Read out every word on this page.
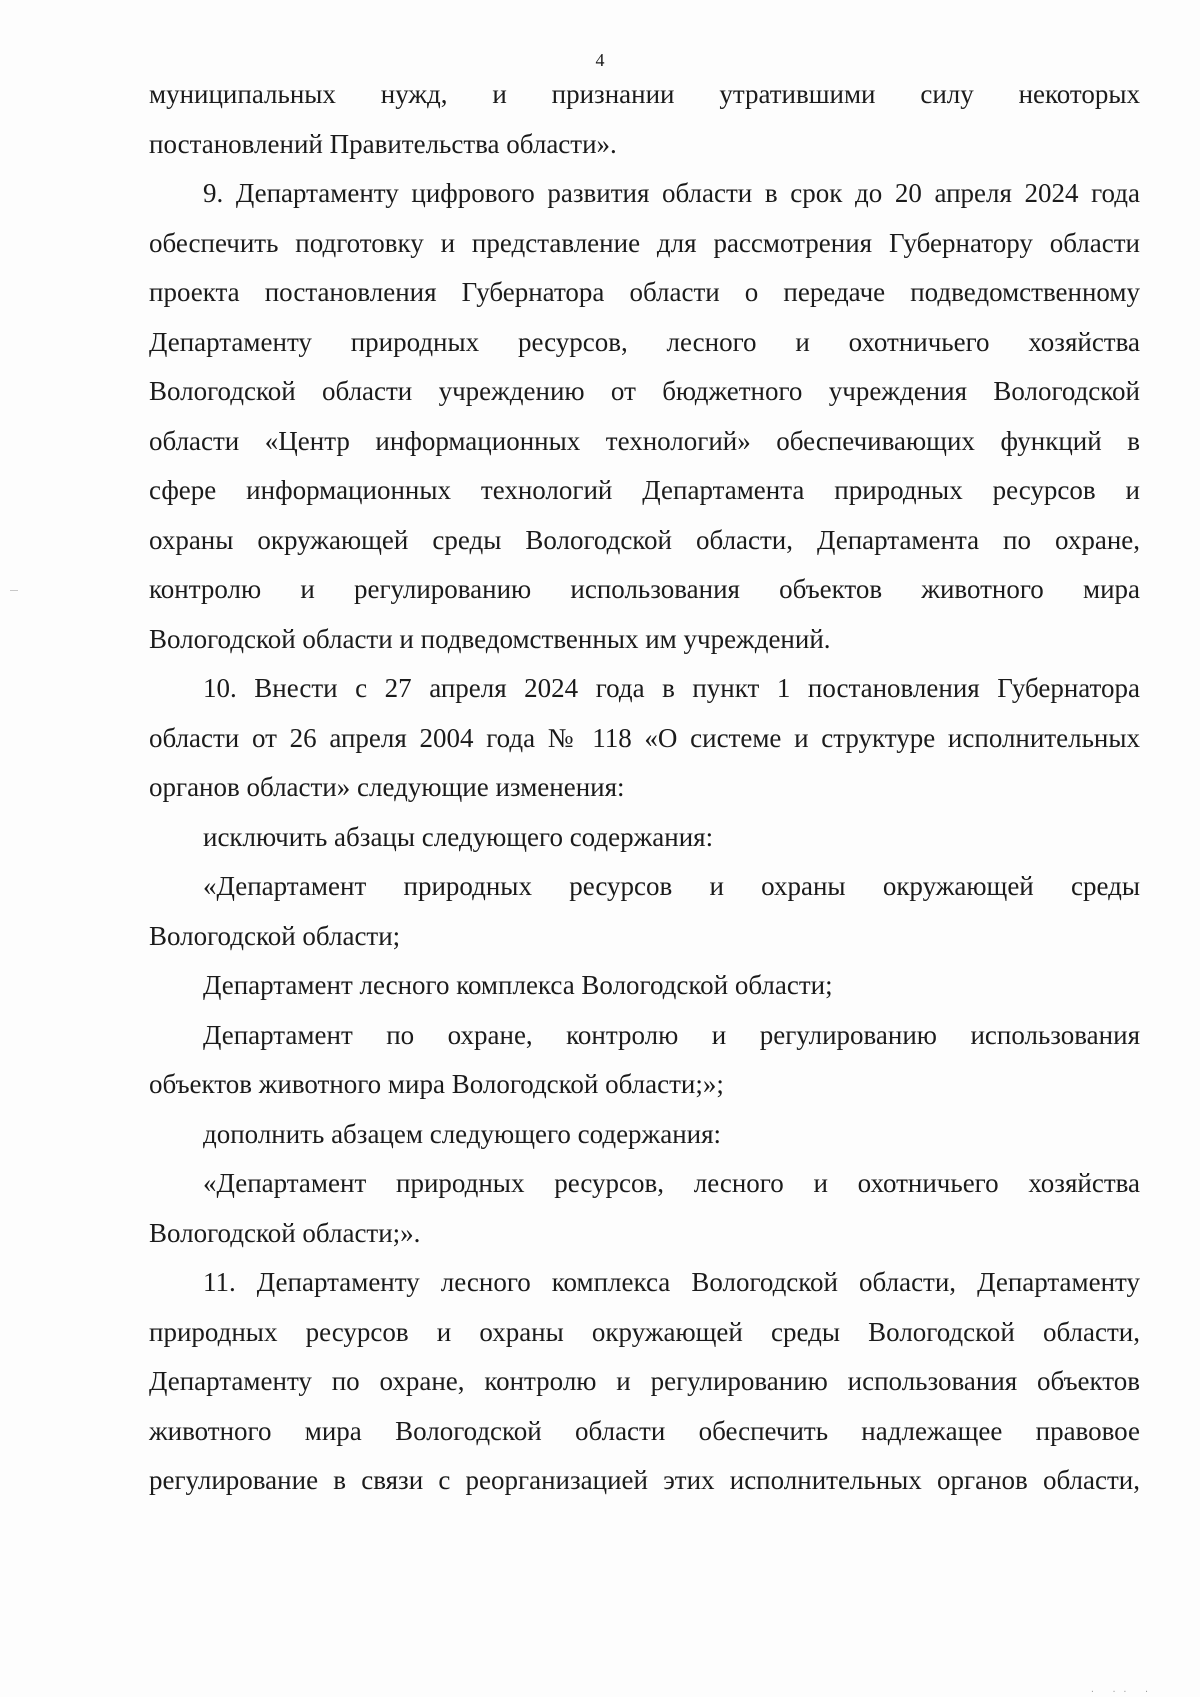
4
муниципальных нужд, и признании утратившими силу некоторых
постановлений Правительства области».
9. Департаменту цифрового развития области в срок до 20 апреля 2024 года
обеспечить подготовку и представление для рассмотрения Губернатору области
проекта постановления Губернатора области о передаче подведомственному
Департаменту природных ресурсов, лесного и охотничьего хозяйства
Вологодской области учреждению от бюджетного учреждения Вологодской
области «Центр информационных технологий» обеспечивающих функций в
сфере информационных технологий Департамента природных ресурсов и
охраны окружающей среды Вологодской области, Департамента по охране,
контролю и регулированию использования объектов животного мира
Вологодской области и подведомственных им учреждений.
10. Внести с 27 апреля 2024 года в пункт 1 постановления Губернатора
области от 26 апреля 2004 года № 118 «О системе и структуре исполнительных
органов области» следующие изменения:
исключить абзацы следующего содержания:
«Департамент природных ресурсов и охраны окружающей среды
Вологодской области;
Департамент лесного комплекса Вологодской области;
Департамент по охране, контролю и регулированию использования
объектов животного мира Вологодской области;»;
дополнить абзацем следующего содержания:
«Департамент природных ресурсов, лесного и охотничьего хозяйства
Вологодской области;».
11. Департаменту лесного комплекса Вологодской области, Департаменту
природных ресурсов и охраны окружающей среды Вологодской области,
Департаменту по охране, контролю и регулированию использования объектов
животного мира Вологодской области обеспечить надлежащее правовое
регулирование в связи с реорганизацией этих исполнительных органов области,
· ·· ·
